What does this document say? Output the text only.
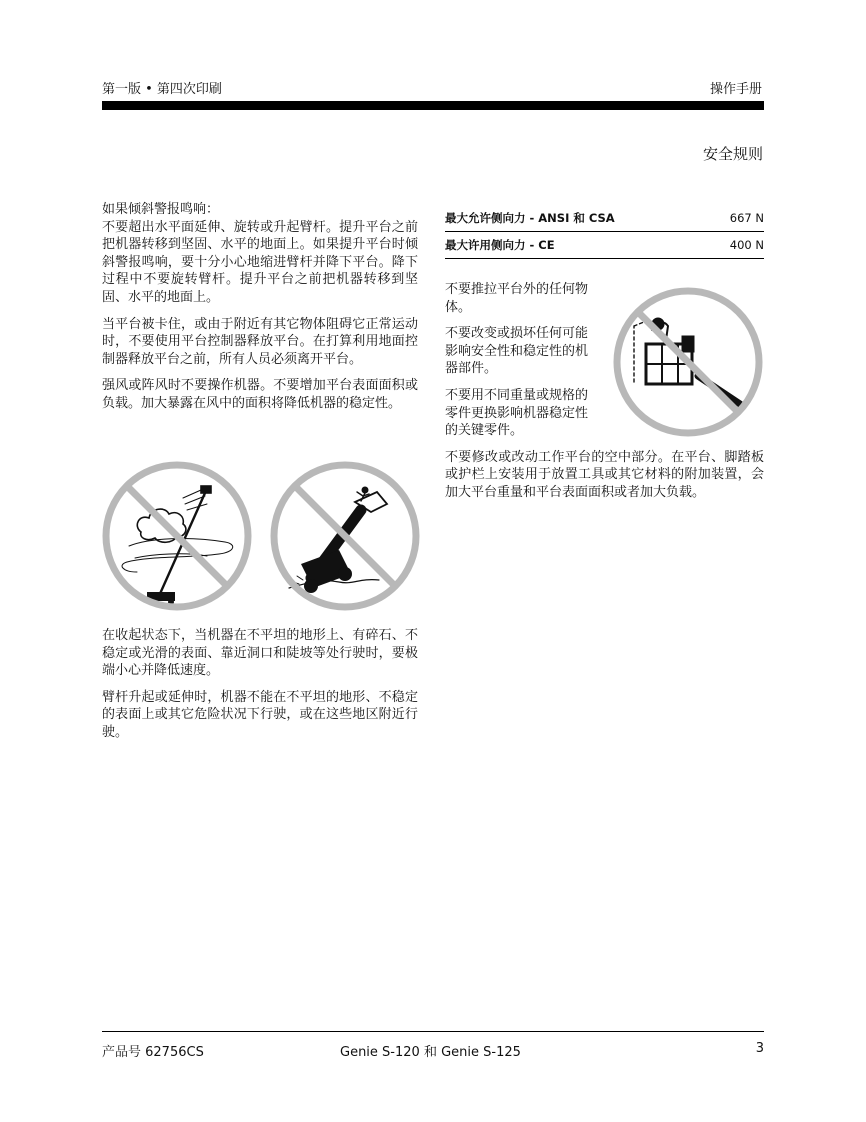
第一版 • 第四次印刷	操作手册
安全规则

如果倾斜警报鸣响：

不要超出水平面延伸、旋转或升起臂杆。提升平台之前把机器转移到坚固、水平的地面上。如果提升平台时倾斜警报鸣响，要十分小心地缩进臂杆并降下平台。降下过程中不要旋转臂杆。提升平台之前把机器转移到坚固、水平的地面上。

当平台被卡住，或由于附近有其它物体阻碍它正常运动时，不要使用平台控制器释放平台。在打算利用地面控制器释放平台之前，所有人员必须离开平台。

强风或阵风时不要操作机器。不要增加平台表面面积或负载。加大暴露在风中的面积将降低机器的稳定性。

在收起状态下，当机器在不平坦的地形上、有碎石、不稳定或光滑的表面、靠近洞口和陡坡等处行驶时，要极端小心并降低速度。

臂杆升起或延伸时，机器不能在不平坦的地形、不稳定的表面上或其它危险状况下行驶，或在这些地区附近行驶。

最大允许侧向力 - ANSI 和 CSA	667 N
最大许用侧向力 - CE	400 N

不要推拉平台外的任何物体。

不要改变或损坏任何可能影响安全性和稳定性的机器部件。

不要用不同重量或规格的零件更换影响机器稳定性的关键零件。

不要修改或改动工作平台的空中部分。在平台、脚踏板或护栏上安装用于放置工具或其它材料的附加装置，会加大平台重量和平台表面面积或者加大负载。

产品号 62756CS	Genie S-120 和 Genie S-125	3
